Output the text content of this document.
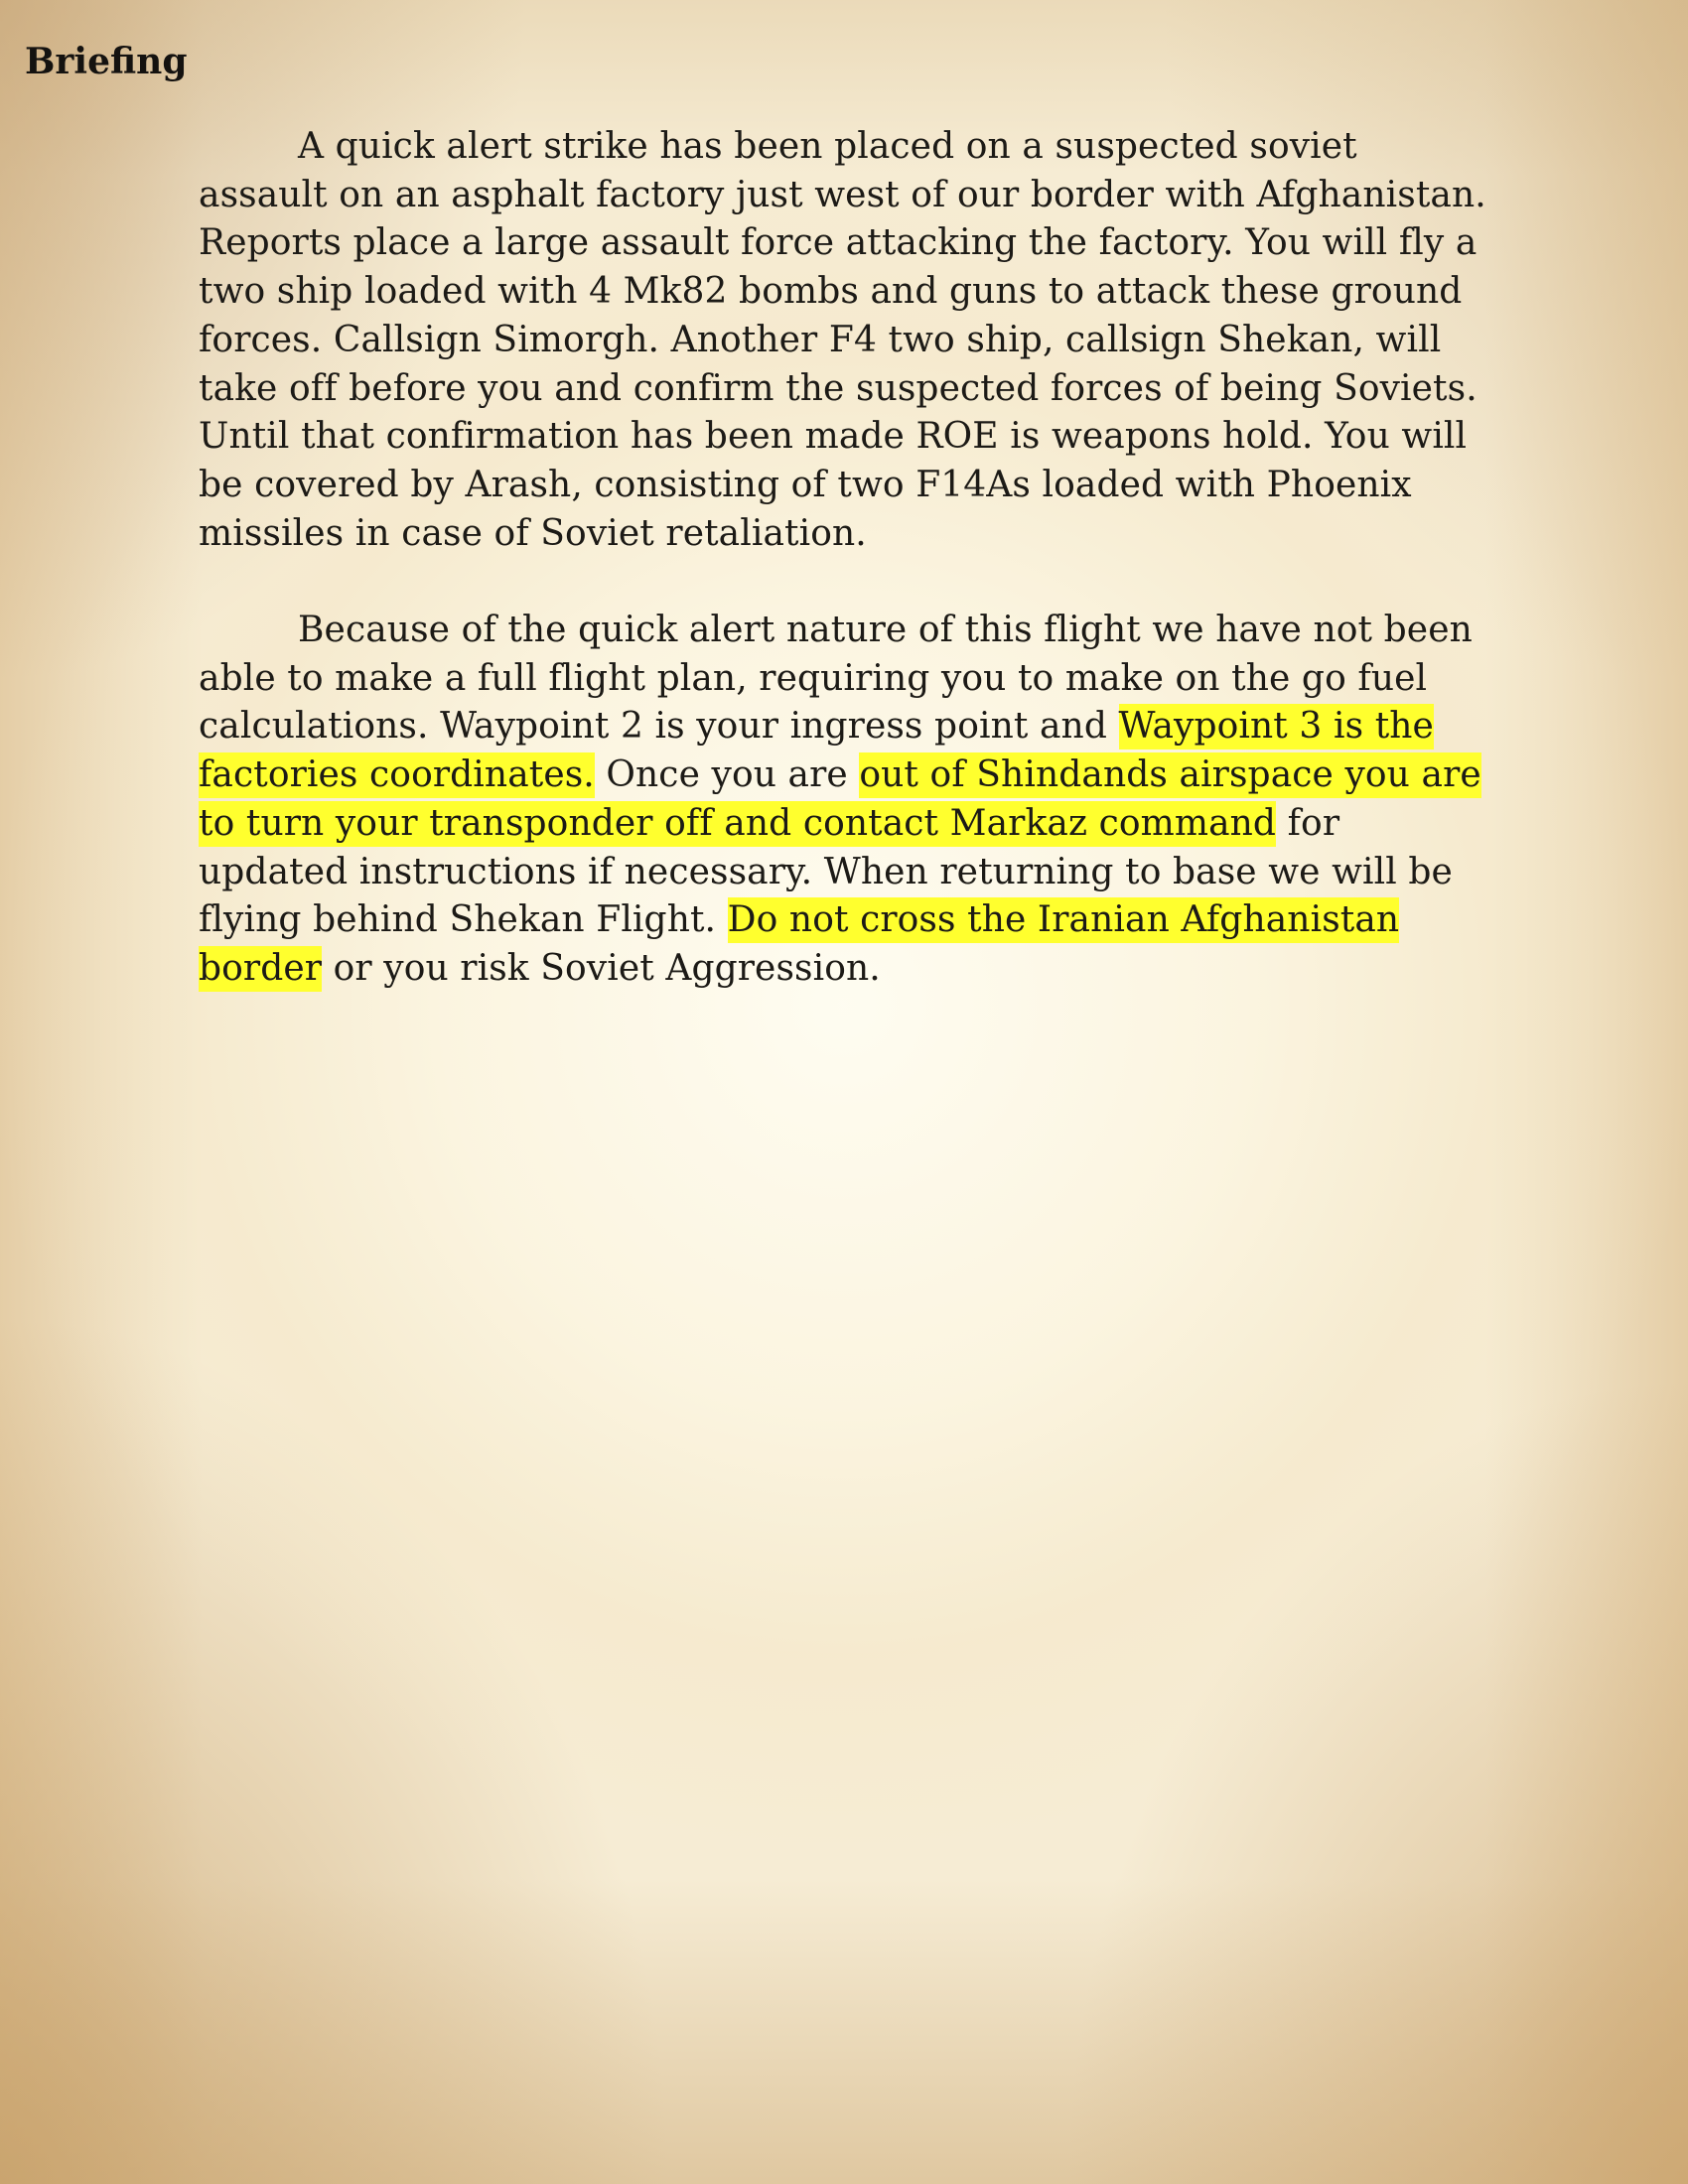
Briefing

A quick alert strike has been placed on a suspected soviet
assault on an asphalt factory just west of our border with Afghanistan.
Reports place a large assault force attacking the factory. You will fly a
two ship loaded with 4 Mk82 bombs and guns to attack these ground
forces. Callsign Simorgh. Another F4 two ship, callsign Shekan, will
take off before you and confirm the suspected forces of being Soviets.
Until that confirmation has been made ROE is weapons hold. You will
be covered by Arash, consisting of two F14As loaded with Phoenix
missiles in case of Soviet retaliation.

Because of the quick alert nature of this flight we have not been
able to make a full flight plan, requiring you to make on the go fuel
calculations. Waypoint 2 is your ingress point and Waypoint 3 is the
factories coordinates. Once you are out of Shindands airspace you are
to turn your transponder off and contact Markaz command for
updated instructions if necessary. When returning to base we will be
flying behind Shekan Flight. Do not cross the Iranian Afghanistan
border or you risk Soviet Aggression.
